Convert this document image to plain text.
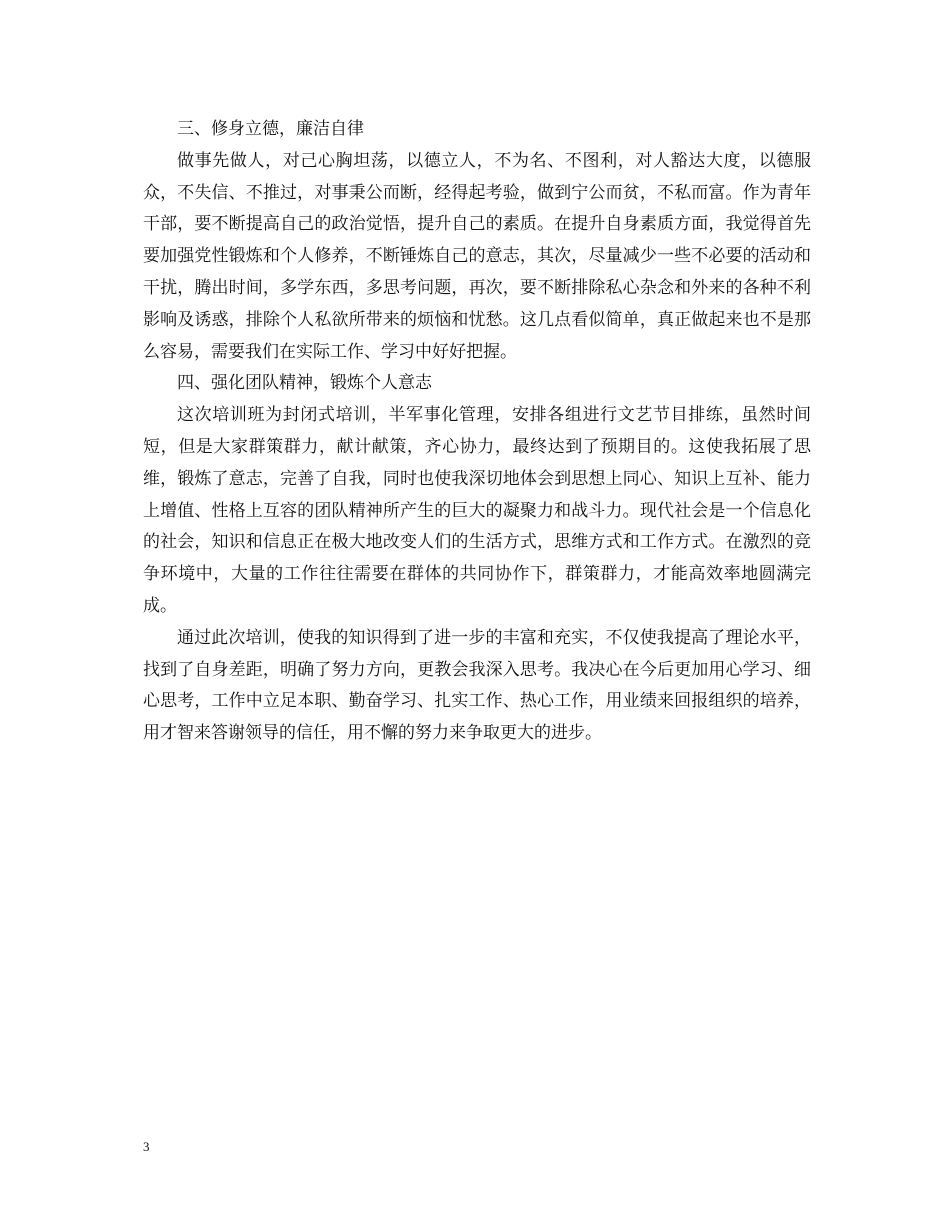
三、修身立德，廉洁自律

做事先做人，对己心胸坦荡，以德立人，不为名、不图利，对人豁达大度，以德服众，不失信、不推过，对事秉公而断，经得起考验，做到宁公而贫，不私而富。作为青年干部，要不断提高自己的政治觉悟，提升自己的素质。在提升自身素质方面，我觉得首先要加强党性锻炼和个人修养，不断锤炼自己的意志，其次，尽量减少一些不必要的活动和干扰，腾出时间，多学东西，多思考问题，再次，要不断排除私心杂念和外来的各种不利影响及诱惑，排除个人私欲所带来的烦恼和忧愁。这几点看似简单，真正做起来也不是那么容易，需要我们在实际工作、学习中好好把握。

四、强化团队精神，锻炼个人意志

这次培训班为封闭式培训，半军事化管理，安排各组进行文艺节目排练，虽然时间短，但是大家群策群力，献计献策，齐心协力，最终达到了预期目的。这使我拓展了思维，锻炼了意志，完善了自我，同时也使我深切地体会到思想上同心、知识上互补、能力上增值、性格上互容的团队精神所产生的巨大的凝聚力和战斗力。现代社会是一个信息化的社会，知识和信息正在极大地改变人们的生活方式，思维方式和工作方式。在激烈的竞争环境中，大量的工作往往需要在群体的共同协作下，群策群力，才能高效率地圆满完成。

通过此次培训，使我的知识得到了进一步的丰富和充实，不仅使我提高了理论水平，找到了自身差距，明确了努力方向，更教会我深入思考。我决心在今后更加用心学习、细心思考，工作中立足本职、勤奋学习、扎实工作、热心工作，用业绩来回报组织的培养，用才智来答谢领导的信任，用不懈的努力来争取更大的进步。

3
